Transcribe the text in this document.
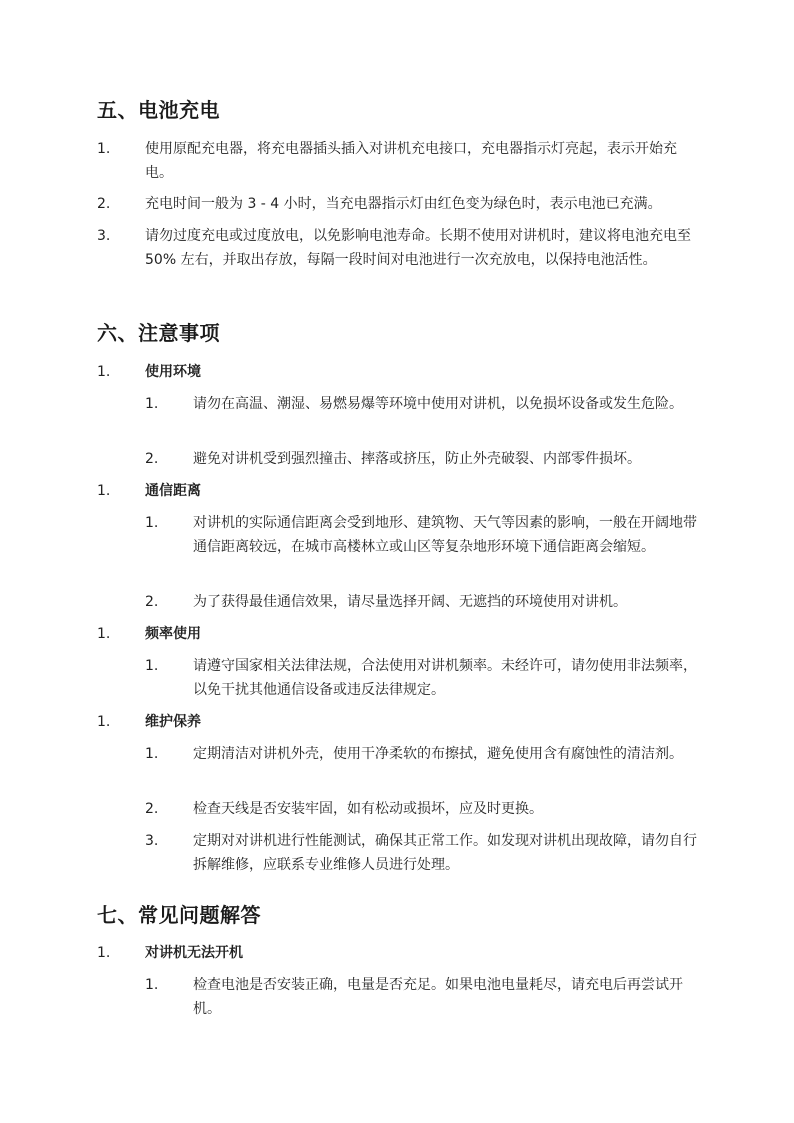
五、电池充电
1.	使用原配充电器，将充电器插头插入对讲机充电接口，充电器指示灯亮起，表示开始充电。
2.	充电时间一般为 3 - 4 小时，当充电器指示灯由红色变为绿色时，表示电池已充满。
3.	请勿过度充电或过度放电，以免影响电池寿命。长期不使用对讲机时，建议将电池充电至 50% 左右，并取出存放，每隔一段时间对电池进行一次充放电，以保持电池活性。
六、注意事项
1.	使用环境
1.	请勿在高温、潮湿、易燃易爆等环境中使用对讲机，以免损坏设备或发生危险。
2.	避免对讲机受到强烈撞击、摔落或挤压，防止外壳破裂、内部零件损坏。
1.	通信距离
1.	对讲机的实际通信距离会受到地形、建筑物、天气等因素的影响，一般在开阔地带通信距离较远，在城市高楼林立或山区等复杂地形环境下通信距离会缩短。
2.	为了获得最佳通信效果，请尽量选择开阔、无遮挡的环境使用对讲机。
1.	频率使用
1.	请遵守国家相关法律法规，合法使用对讲机频率。未经许可，请勿使用非法频率，以免干扰其他通信设备或违反法律规定。
1.	维护保养
1.	定期清洁对讲机外壳，使用干净柔软的布擦拭，避免使用含有腐蚀性的清洁剂。
2.	检查天线是否安装牢固，如有松动或损坏，应及时更换。
3.	定期对对讲机进行性能测试，确保其正常工作。如发现对讲机出现故障，请勿自行拆解维修，应联系专业维修人员进行处理。
七、常见问题解答
1.	对讲机无法开机
1.	检查电池是否安装正确，电量是否充足。如果电池电量耗尽，请充电后再尝试开机。
